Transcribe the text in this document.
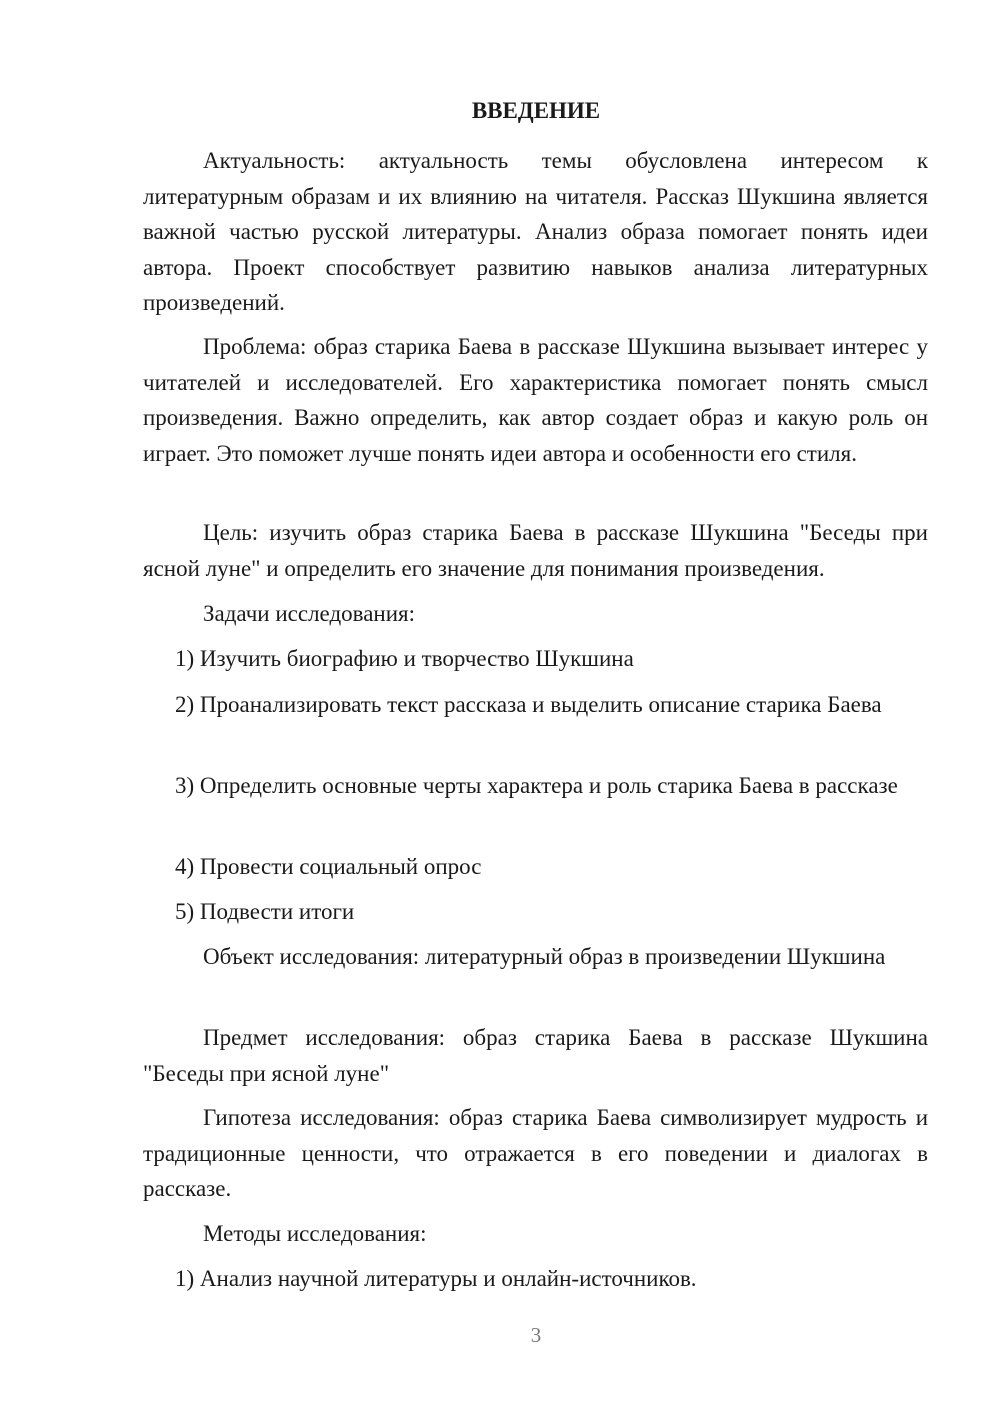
ВВЕДЕНИЕ

Актуальность: актуальность темы обусловлена интересом к литературным образам и их влиянию на читателя. Рассказ Шукшина является важной частью русской литературы. Анализ образа помогает понять идеи автора. Проект способствует развитию навыков анализа литературных произведений.

Проблема: образ старика Баева в рассказе Шукшина вызывает интерес у читателей и исследователей. Его характеристика помогает понять смысл произведения. Важно определить, как автор создает образ и какую роль он играет. Это поможет лучше понять идеи автора и особенности его стиля.

Цель: изучить образ старика Баева в рассказе Шукшина "Беседы при ясной луне" и определить его значение для понимания произведения.

Задачи исследования:

1) Изучить биографию и творчество Шукшина

2) Проанализировать текст рассказа и выделить описание старика Баева

3) Определить основные черты характера и роль старика Баева в рассказе

4) Провести социальный опрос

5) Подвести итоги

Объект исследования: литературный образ в произведении Шукшина

Предмет исследования: образ старика Баева в рассказе Шукшина "Беседы при ясной луне"

Гипотеза исследования: образ старика Баева символизирует мудрость и традиционные ценности, что отражается в его поведении и диалогах в рассказе.

Методы исследования:

1) Анализ научной литературы и онлайн-источников.

3
